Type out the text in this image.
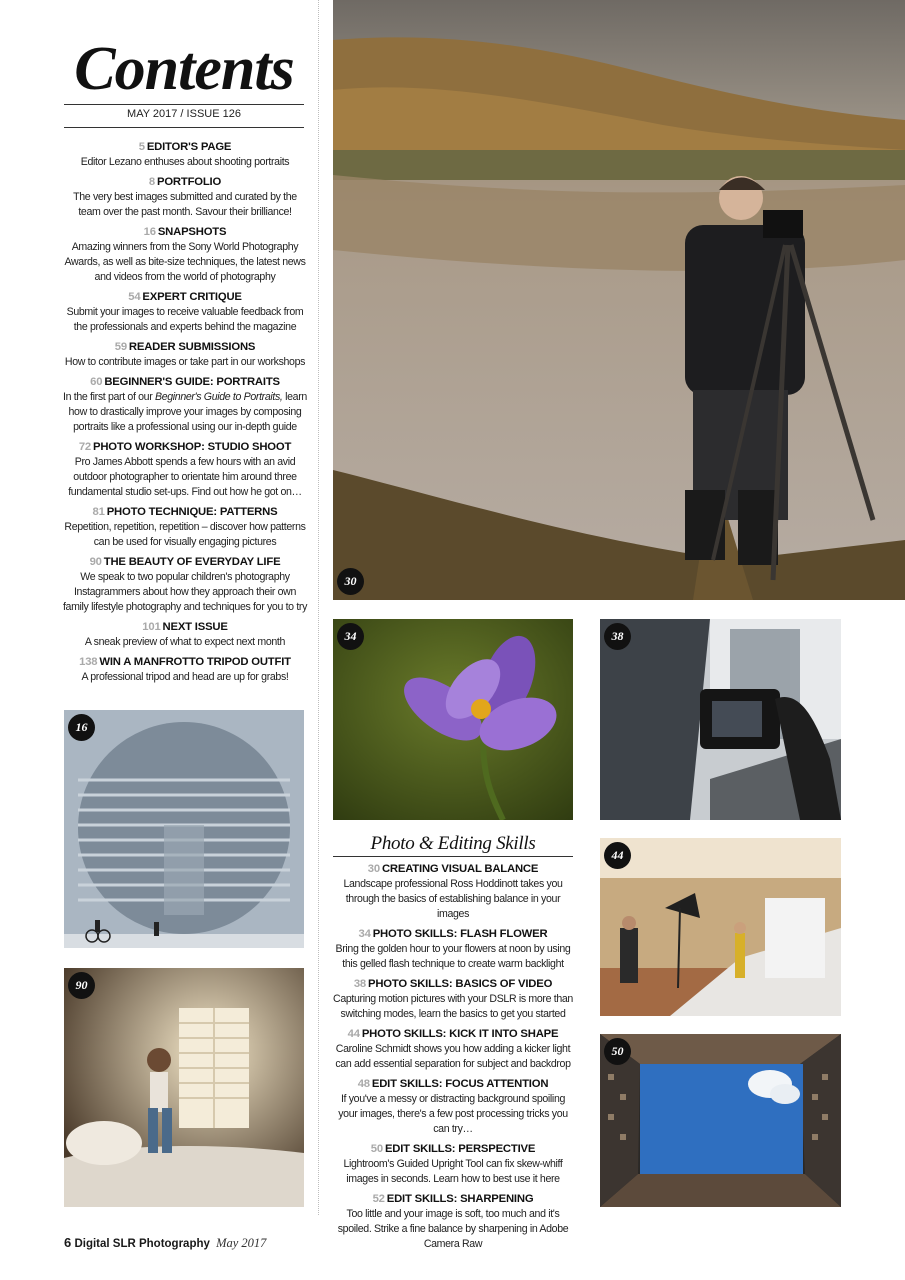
Contents
MAY 2017 / ISSUE 126
5 EDITOR'S PAGE
Editor Lezano enthuses about shooting portraits
8 PORTFOLIO
The very best images submitted and curated by the team over the past month. Savour their brilliance!
16 SNAPSHOTS
Amazing winners from the Sony World Photography Awards, as well as bite-size techniques, the latest news and videos from the world of photography
54 EXPERT CRITIQUE
Submit your images to receive valuable feedback from the professionals and experts behind the magazine
59 READER SUBMISSIONS
How to contribute images or take part in our workshops
60 BEGINNER'S GUIDE: PORTRAITS
In the first part of our Beginner's Guide to Portraits, learn how to drastically improve your images by composing portraits like a professional using our in-depth guide
72 PHOTO WORKSHOP: STUDIO SHOOT
Pro James Abbott spends a few hours with an avid outdoor photographer to orientate him around three fundamental studio set-ups. Find out how he got on…
81 PHOTO TECHNIQUE: PATTERNS
Repetition, repetition, repetition – discover how patterns can be used for visually engaging pictures
90 THE BEAUTY OF EVERYDAY LIFE
We speak to two popular children's photography Instagrammers about how they approach their own family lifestyle photography and techniques for you to try
101 NEXT ISSUE
A sneak preview of what to expect next month
138 WIN A MANFROTTO TRIPOD OUTFIT
A professional tripod and head are up for grabs!
30
34	38
16
44
90
50
Photo & Editing Skills
30 CREATING VISUAL BALANCE
Landscape professional Ross Hoddinott takes you through the basics of establishing balance in your images
34 PHOTO SKILLS: FLASH FLOWER
Bring the golden hour to your flowers at noon by using this gelled flash technique to create warm backlight
38 PHOTO SKILLS: BASICS OF VIDEO
Capturing motion pictures with your DSLR is more than switching modes, learn the basics to get you started
44 PHOTO SKILLS: KICK IT INTO SHAPE
Caroline Schmidt shows you how adding a kicker light can add essential separation for subject and backdrop
48 EDIT SKILLS: FOCUS ATTENTION
If you've a messy or distracting background spoiling your images, there's a few post processing tricks you can try…
50 EDIT SKILLS: PERSPECTIVE
Lightroom's Guided Upright Tool can fix skew-whiff images in seconds. Learn how to best use it here
52 EDIT SKILLS: SHARPENING
Too little and your image is soft, too much and it's spoiled. Strike a fine balance by sharpening in Adobe Camera Raw
6 Digital SLR Photography May 2017
